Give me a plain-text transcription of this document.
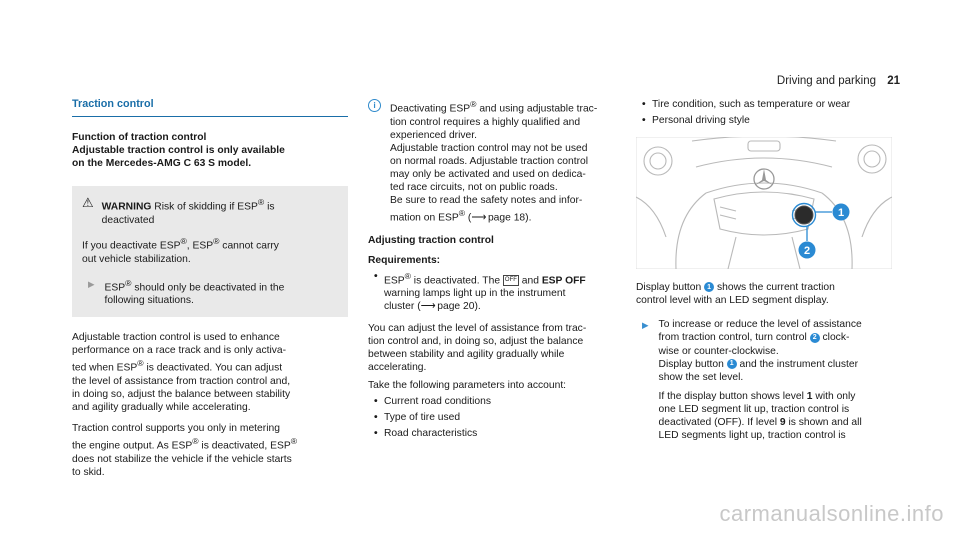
Driving and parking 21
Traction control
Function of traction control
Adjustable traction control is only available
on the Mercedes-AMG C 63 S model.
⚠ WARNING Risk of skidding if ESP® is
deactivated
If you deactivate ESP®, ESP® cannot carry
out vehicle stabilization.
▶ ESP® should only be deactivated in the
following situations.
Adjustable traction control is used to enhance
performance on a race track and is only activa-
ted when ESP® is deactivated. You can adjust
the level of assistance from traction control and,
in doing so, adjust the balance between stability
and agility gradually while accelerating.
Traction control supports you only in metering
the engine output. As ESP® is deactivated, ESP®
does not stabilize the vehicle if the vehicle starts
to skid.
i	Deactivating ESP® and using adjustable trac-
tion control requires a highly qualified and
experienced driver.
Adjustable traction control may not be used
on normal roads. Adjustable traction control
may only be activated and used on dedica-
ted race circuits, not on public roads.
Be sure to read the safety notes and infor-
mation on ESP® (⟶ page 18).
Adjusting traction control
Requirements:
• ESP® is deactivated. The OFF and ESP OFF
warning lamps light up in the instrument
cluster (⟶ page 20).
You can adjust the level of assistance from trac-
tion control and, in doing so, adjust the balance
between stability and agility gradually while
accelerating.
Take the following parameters into account:
• Current road conditions
• Type of tire used
• Road characteristics
• Tire condition, such as temperature or wear
• Personal driving style
1
2
Display button 1 shows the current traction
control level with an LED segment display.
▶ To increase or reduce the level of assistance
from traction control, turn control 2 clock-
wise or counter-clockwise.
Display button 1 and the instrument cluster
show the set level.
If the display button shows level 1 with only
one LED segment lit up, traction control is
deactivated (OFF). If level 9 is shown and all
LED segments light up, traction control is
carmanualsonline.info
